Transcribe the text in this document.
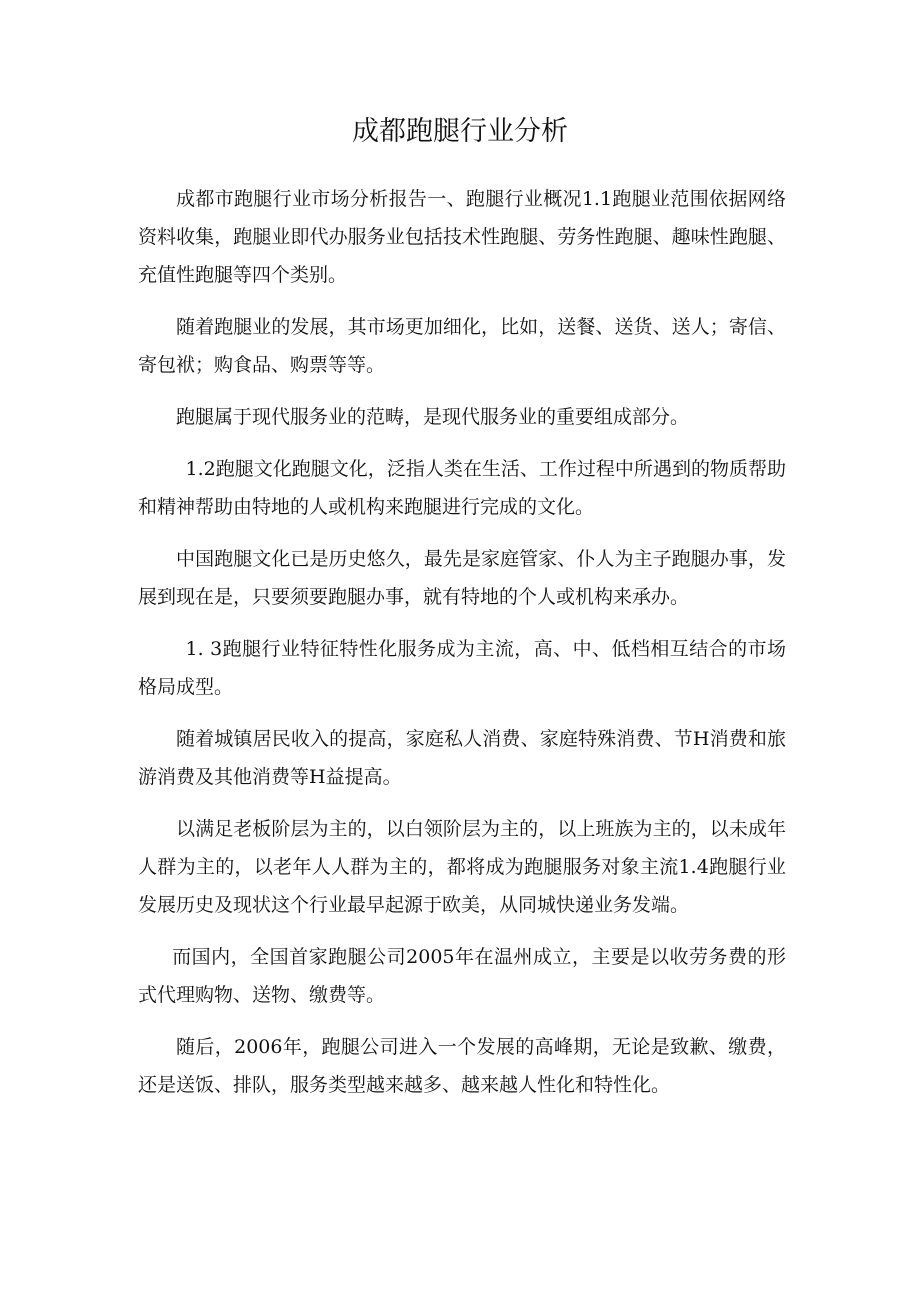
成都跑腿行业分析

成都市跑腿行业市场分析报告一、跑腿行业概况1.1跑腿业范围依据网络资料收集，跑腿业即代办服务业包括技术性跑腿、劳务性跑腿、趣味性跑腿、充值性跑腿等四个类别。

随着跑腿业的发展，其市场更加细化，比如，送餐、送货、送人；寄信、寄包袱；购食品、购票等等。

跑腿属于现代服务业的范畴，是现代服务业的重要组成部分。

1.2跑腿文化跑腿文化，泛指人类在生活、工作过程中所遇到的物质帮助和精神帮助由特地的人或机构来跑腿进行完成的文化。

中国跑腿文化已是历史悠久，最先是家庭管家、仆人为主子跑腿办事，发展到现在是，只要须要跑腿办事，就有特地的个人或机构来承办。

1. 3跑腿行业特征特性化服务成为主流，高、中、低档相互结合的市场格局成型。

随着城镇居民收入的提高，家庭私人消费、家庭特殊消费、节H消费和旅游消费及其他消费等H益提高。

以满足老板阶层为主的，以白领阶层为主的，以上班族为主的，以未成年人群为主的，以老年人人群为主的，都将成为跑腿服务对象主流1.4跑腿行业发展历史及现状这个行业最早起源于欧美，从同城快递业务发端。

而国内，全国首家跑腿公司2005年在温州成立，主要是以收劳务费的形式代理购物、送物、缴费等。

随后，2006年，跑腿公司进入一个发展的高峰期，无论是致歉、缴费，还是送饭、排队，服务类型越来越多、越来越人性化和特性化。
